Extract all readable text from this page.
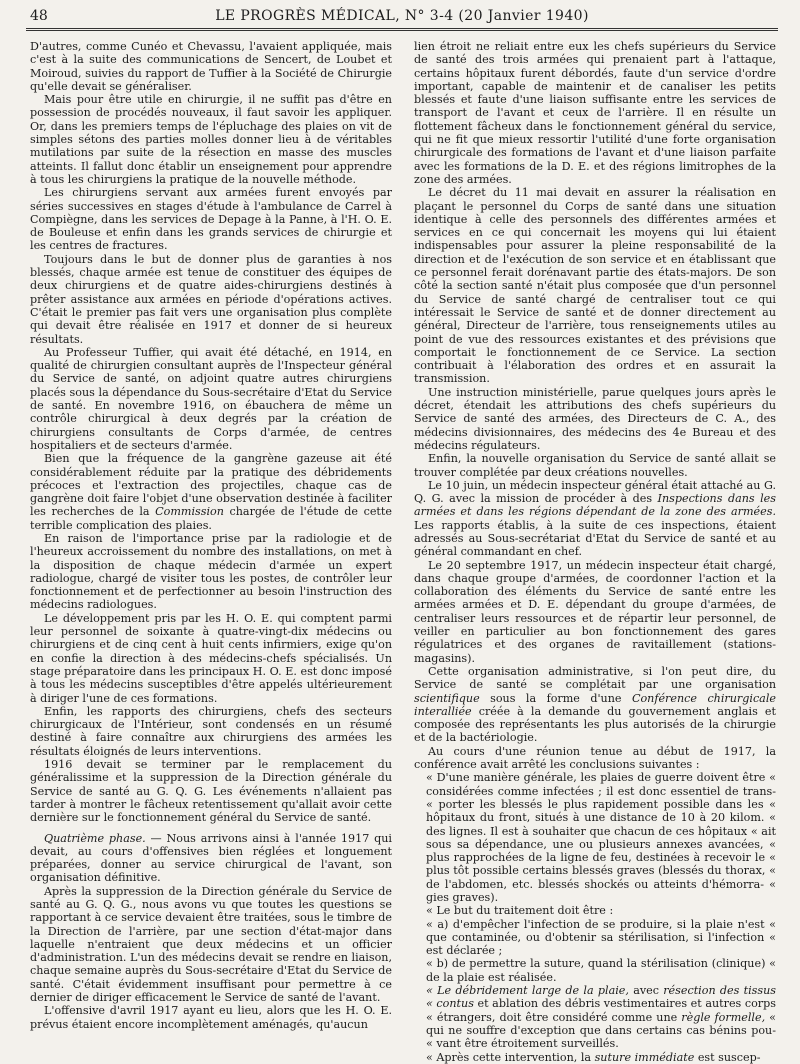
48	LE PROGRÈS MÉDICAL, N° 3-4 (20 Janvier 1940)

D'autres, comme Cunéo et Chevassu, l'avaient appliquée, mais c'est à la suite des communications de Sencert, de Loubet et Moiroud, suivies du rapport de Tuffier à la Société de Chirurgie qu'elle devait se généraliser.

Mais pour être utile en chirurgie, il ne suffit pas d'être en possession de procédés nouveaux, il faut savoir les appliquer. Or, dans les premiers temps de l'épluchage des plaies on vit de simples sétons des parties molles donner lieu à de véritables mutilations par suite de la résection en masse des muscles atteints. Il fallut donc établir un enseignement pour apprendre à tous les chirurgiens la pratique de la nouvelle méthode.

Les chirurgiens servant aux armées furent envoyés par séries successives en stages d'étude à l'ambulance de Carrel à Compiègne, dans les services de Depage à la Panne, à l'H. O. E. de Bouleuse et enfin dans les grands services de chirurgie et les centres de fractures.

Toujours dans le but de donner plus de garanties à nos blessés, chaque armée est tenue de constituer des équipes de deux chirurgiens et de quatre aides-chirurgiens destinés à prêter assistance aux armées en période d'opérations actives. C'était le premier pas fait vers une organisation plus complète qui devait être réalisée en 1917 et donner de si heureux résultats.

Au Professeur Tuffier, qui avait été détaché, en 1914, en qualité de chirurgien consultant auprès de l'Inspecteur général du Service de santé, on adjoint quatre autres chirurgiens placés sous la dépendance du Sous-secrétaire d'Etat du Service de santé. En novembre 1916, on ébauchera de même un contrôle chirurgical à deux degrés par la création de chirurgiens consultants de Corps d'armée, de centres hospitaliers et de secteurs d'armée.

Bien que la fréquence de la gangrène gazeuse ait été considérablement réduite par la pratique des débridements précoces et l'extraction des projectiles, chaque cas de gangrène doit faire l'objet d'une observation destinée à faciliter les recherches de la Commission chargée de l'étude de cette terrible complication des plaies.

En raison de l'importance prise par la radiologie et de l'heureux accroissement du nombre des installations, on met à la disposition de chaque médecin d'armée un expert radiologue, chargé de visiter tous les postes, de contrôler leur fonctionnement et de perfectionner au besoin l'instruction des médecins radiologues.

Le développement pris par les H. O. E. qui comptent parmi leur personnel de soixante à quatre-vingt-dix médecins ou chirurgiens et de cinq cent à huit cents infirmiers, exige qu'on en confie la direction à des médecins-chefs spécialisés. Un stage préparatoire dans les principaux H. O. E. est donc imposé à tous les médecins susceptibles d'être appelés ultérieurement à diriger l'une de ces formations.

Enfin, les rapports des chirurgiens, chefs des secteurs chirurgicaux de l'Intérieur, sont condensés en un résumé destiné à faire connaître aux chirurgiens des armées les résultats éloignés de leurs interventions.

1916 devait se terminer par le remplacement du généralissime et la suppression de la Direction générale du Service de santé au G. Q. G. Les événements n'allaient pas tarder à montrer le fâcheux retentissement qu'allait avoir cette dernière sur le fonctionnement général du Service de santé.

Quatrième phase. — Nous arrivons ainsi à l'année 1917 qui devait, au cours d'offensives bien réglées et longuement préparées, donner au service chirurgical de l'avant, son organisation définitive.

Après la suppression de la Direction générale du Service de santé au G. Q. G., nous avons vu que toutes les questions se rapportant à ce service devaient être traitées, sous le timbre de la Direction de l'arrière, par une section d'état-major dans laquelle n'entraient que deux médecins et un officier d'administration. L'un des médecins devait se rendre en liaison, chaque semaine auprès du Sous-secrétaire d'Etat du Service de santé. C'était évidemment insuffisant pour permettre à ce dernier de diriger efficacement le Service de santé de l'avant.

L'offensive d'avril 1917 ayant eu lieu, alors que les H. O. E. prévus étaient encore incomplètement aménagés, qu'aucun

lien étroit ne reliait entre eux les chefs supérieurs du Service de santé des trois armées qui prenaient part à l'attaque, certains hôpitaux furent débordés, faute d'un service d'ordre important, capable de maintenir et de canaliser les petits blessés et faute d'une liaison suffisante entre les services de transport de l'avant et ceux de l'arrière. Il en résulte un flottement fâcheux dans le fonctionnement général du service, qui ne fit que mieux ressortir l'utilité d'une forte organisation chirurgicale des formations de l'avant et d'une liaison parfaite avec les formations de la D. E. et des régions limitrophes de la zone des armées.

Le décret du 11 mai devait en assurer la réalisation en plaçant le personnel du Corps de santé dans une situation identique à celle des personnels des différentes armées et services en ce qui concernait les moyens qui lui étaient indispensables pour assurer la pleine responsabilité de la direction et de l'exécution de son service et en établissant que ce personnel ferait dorénavant partie des états-majors. De son côté la section santé n'était plus composée que d'un personnel du Service de santé chargé de centraliser tout ce qui intéressait le Service de santé et de donner directement au général, Directeur de l'arrière, tous renseignements utiles au point de vue des ressources existantes et des prévisions que comportait le fonctionnement de ce Service. La section contribuait à l'élaboration des ordres et en assurait la transmission.

Une instruction ministérielle, parue quelques jours après le décret, étendait les attributions des chefs supérieurs du Service de santé des armées, des Directeurs de C. A., des médecins divisionnaires, des médecins des 4e Bureau et des médecins régulateurs.

Enfin, la nouvelle organisation du Service de santé allait se trouver complétée par deux créations nouvelles.

Le 10 juin, un médecin inspecteur général était attaché au G. Q. G. avec la mission de procéder à des Inspections dans les armées et dans les régions dépendant de la zone des armées. Les rapports établis, à la suite de ces inspections, étaient adressés au Sous-secrétariat d'Etat du Service de santé et au général commandant en chef.

Le 20 septembre 1917, un médecin inspecteur était chargé, dans chaque groupe d'armées, de coordonner l'action et la collaboration des éléments du Service de santé entre les armées armées et D. E. dépendant du groupe d'armées, de centraliser leurs ressources et de répartir leur personnel, de veiller en particulier au bon fonctionnement des gares régulatrices et des organes de ravitaillement (stations-magasins).

Cette organisation administrative, si l'on peut dire, du Service de santé se complétait par une organisation scientifique sous la forme d'une Conférence chirurgicale interalliée créée à la demande du gouvernement anglais et composée des représentants les plus autorisés de la chirurgie et de la bactériologie.

Au cours d'une réunion tenue au début de 1917, la conférence avait arrêté les conclusions suivantes :

« D'une manière générale, les plaies de guerre doivent être « considérées comme infectées ; il est donc essentiel de trans- « porter les blessés le plus rapidement possible dans les « hôpitaux du front, situés à une distance de 10 à 20 kilom. « des lignes. Il est à souhaiter que chacun de ces hôpitaux « ait sous sa dépendance, une ou plusieurs annexes avancées, « plus rapprochées de la ligne de feu, destinées à recevoir le « plus tôt possible certains blessés graves (blessés du thorax, « de l'abdomen, etc. blessés shockés ou atteints d'hémorra- « gies graves).

« Le but du traitement doit être :

« a) d'empêcher l'infection de se produire, si la plaie n'est « que contaminée, ou d'obtenir sa stérilisation, si l'infection « est déclarée ;

« b) de permettre la suture, quand la stérilisation (clinique) « de la plaie est réalisée.

« Le débridement large de la plaie, avec résection des tissus « contus et ablation des débris vestimentaires et autres corps « étrangers, doit être considéré comme une règle formelle, « qui ne souffre d'exception que dans certains cas bénins pou- « vant être étroitement surveillés.

« Après cette intervention, la suture immédiate est suscep-
